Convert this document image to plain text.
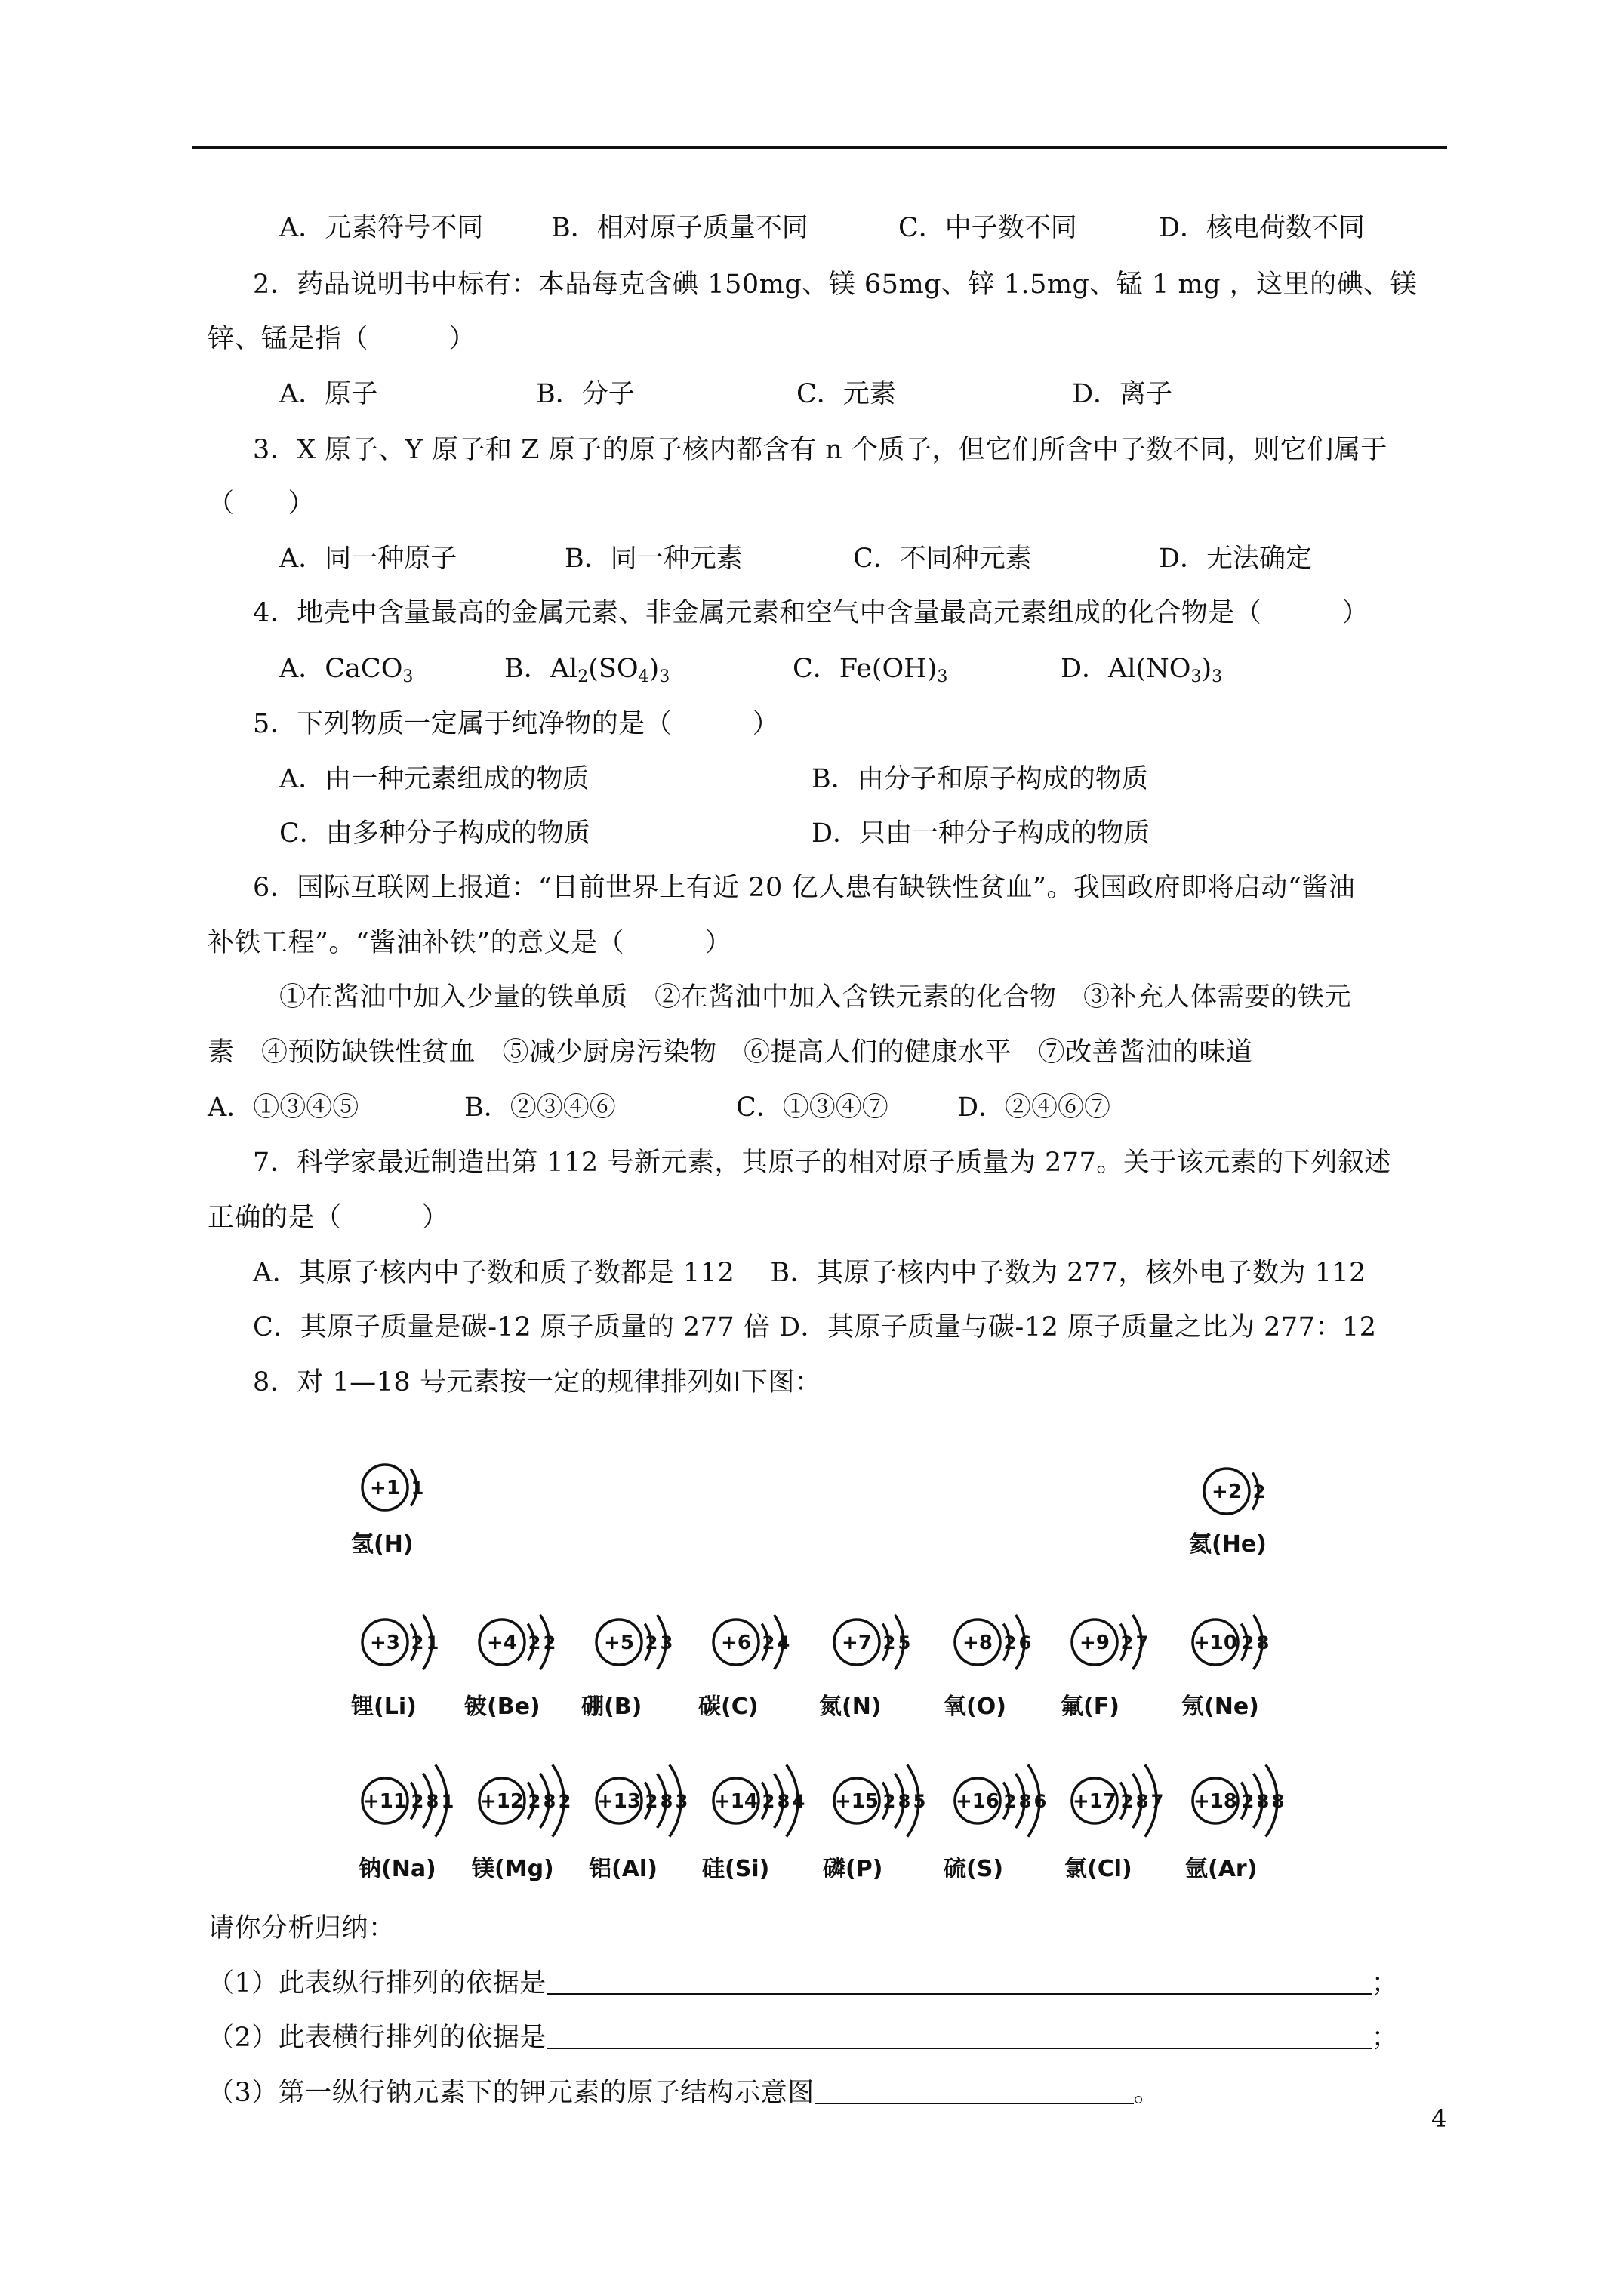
A．元素符号不同	B．相对原子质量不同	C．中子数不同	D．核电荷数不同
2．药品说明书中标有：本品每克含碘 150mg、镁 65mg、锌 1.5mg、锰 1 mg ，这里的碘、镁
锌、锰是指（　　　）
A．原子	B．分子	C．元素	D．离子
3．X 原子、Y 原子和 Z 原子的原子核内都含有 n 个质子，但它们所含中子数不同，则它们属于
（　　）
A．同一种原子	B．同一种元素	C．不同种元素	D．无法确定
4．地壳中含量最高的金属元素、非金属元素和空气中含量最高元素组成的化合物是（　　　）
A．CaCO$_3$	B．$Al_2(SO_4)_3$	C．$Fe(OH)_3$	D．$Al(NO_3)_3$
5．下列物质一定属于纯净物的是（　　　）
A．由一种元素组成的物质	B．由分子和原子构成的物质
C．由多种分子构成的物质	D．只由一种分子构成的物质
6．国际互联网上报道：“目前世界上有近 20 亿人患有缺铁性贫血”。我国政府即将启动“酱油
补铁工程”。“酱油补铁”的意义是（　　　）
①在酱油中加入少量的铁单质　②在酱油中加入含铁元素的化合物　③补充人体需要的铁元
素　④预防缺铁性贫血　⑤减少厨房污染物　⑥提高人们的健康水平　⑦改善酱油的味道
A．①③④⑤	B．②③④⑥	C．①③④⑦	D．②④⑥⑦
7．科学家最近制造出第 112 号新元素，其原子的相对原子质量为 277。关于该元素的下列叙述
正确的是（　　　）
A．其原子核内中子数和质子数都是 112　 B．其原子核内中子数为 277，核外电子数为 112
C．其原子质量是碳-12 原子质量的 277 倍 D．其原子质量与碳-12 原子质量之比为 277：12
8．对 1—18 号元素按一定的规律排列如下图：
+1 1
氢(H)
+2 2
氦(He)
+3 2 1
锂(Li)
+4 2 2
铍(Be)
+5 2 3
硼(B)
+6 2 4
碳(C)
+7 2 5
氮(N)
+8 2 6
氧(O)
+9 2 7
氟(F)
+10 2 8
氖(Ne)
+11 2 8 1
钠(Na)
+12 2 8 2
镁(Mg)
+13 2 8 3
铝(Al)
+14 2 8 4
硅(Si)
+15 2 8 5
磷(P)
+16 2 8 6
硫(S)
+17 2 8 7
氯(Cl)
+18 2 8 8
氩(Ar)
请你分析归纳：
（1）此表纵行排列的依据是	；
（2）此表横行排列的依据是	；
（3）第一纵行钠元素下的钾元素的原子结构示意图	。
4
